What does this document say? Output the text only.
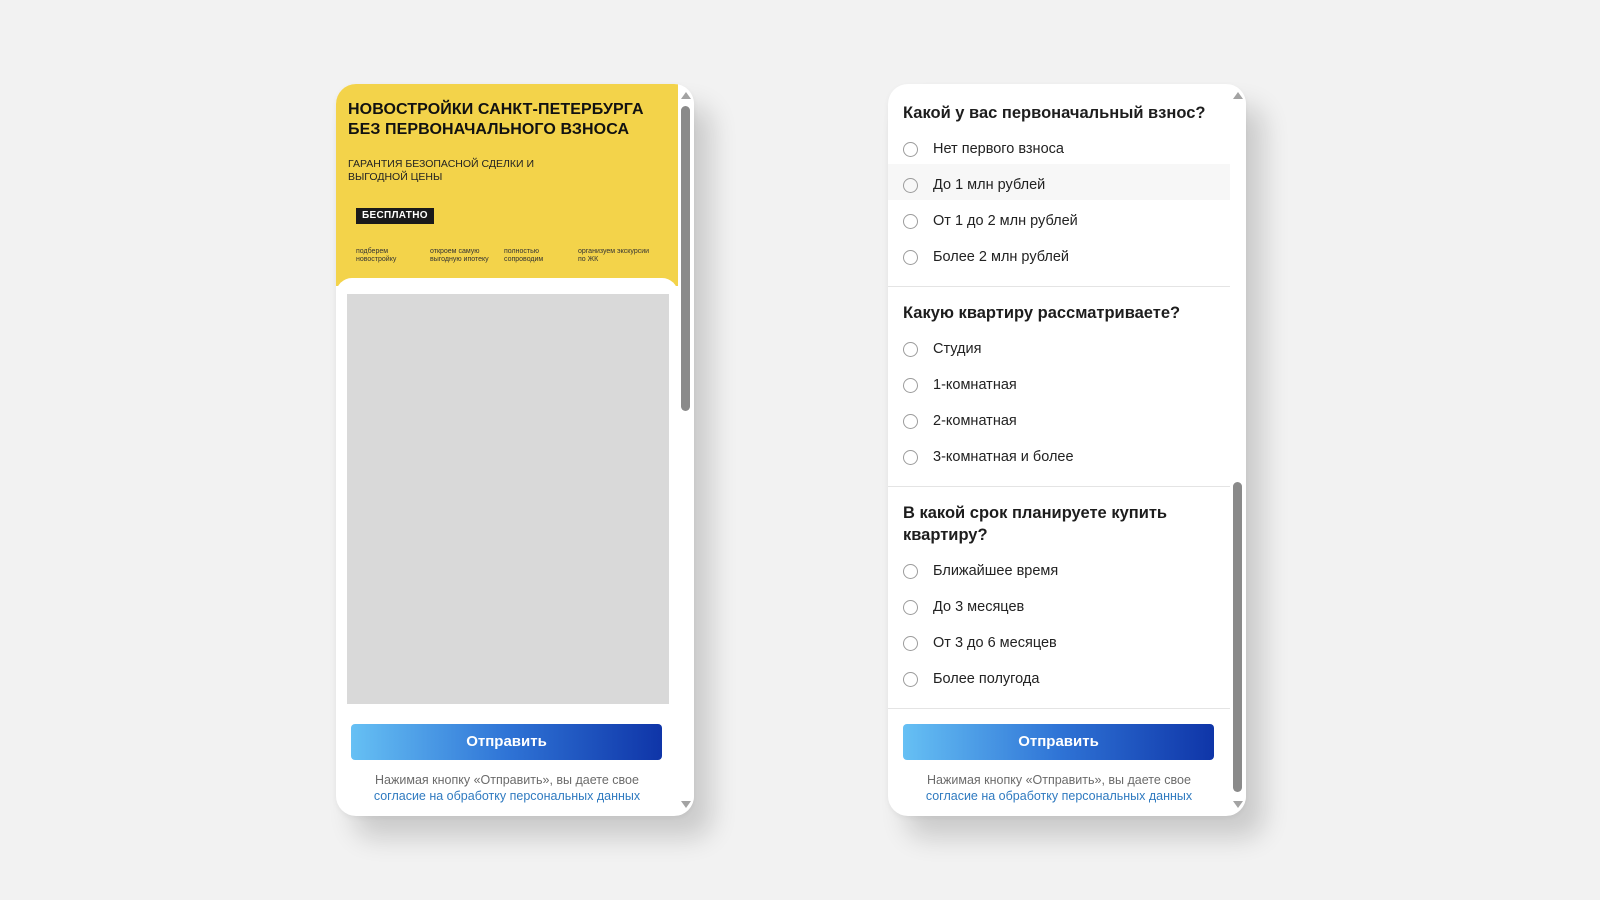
НОВОСТРОЙКИ САНКТ-ПЕТЕРБУРГА БЕЗ ПЕРВОНАЧАЛЬНОГО ВЗНОСА
ГАРАНТИЯ БЕЗОПАСНОЙ СДЕЛКИ И ВЫГОДНОЙ ЦЕНЫ
БЕСПЛАТНО
подберем новостройку
откроем самую выгодную ипотеку
полностью сопроводим
организуем экскурсии по ЖК
Отправить
Нажимая кнопку «Отправить», вы даете свое
согласие на обработку персональных данных
Какой у вас первоначальный взнос?
Нет первого взноса
До 1 млн рублей
От 1 до 2 млн рублей
Более 2 млн рублей
Какую квартиру рассматриваете?
Студия
1-комнатная
2-комнатная
3-комнатная и более
В какой срок планируете купить квартиру?
Ближайшее время
До 3 месяцев
От 3 до 6 месяцев
Более полугода
Отправить
Нажимая кнопку «Отправить», вы даете свое
согласие на обработку персональных данных
